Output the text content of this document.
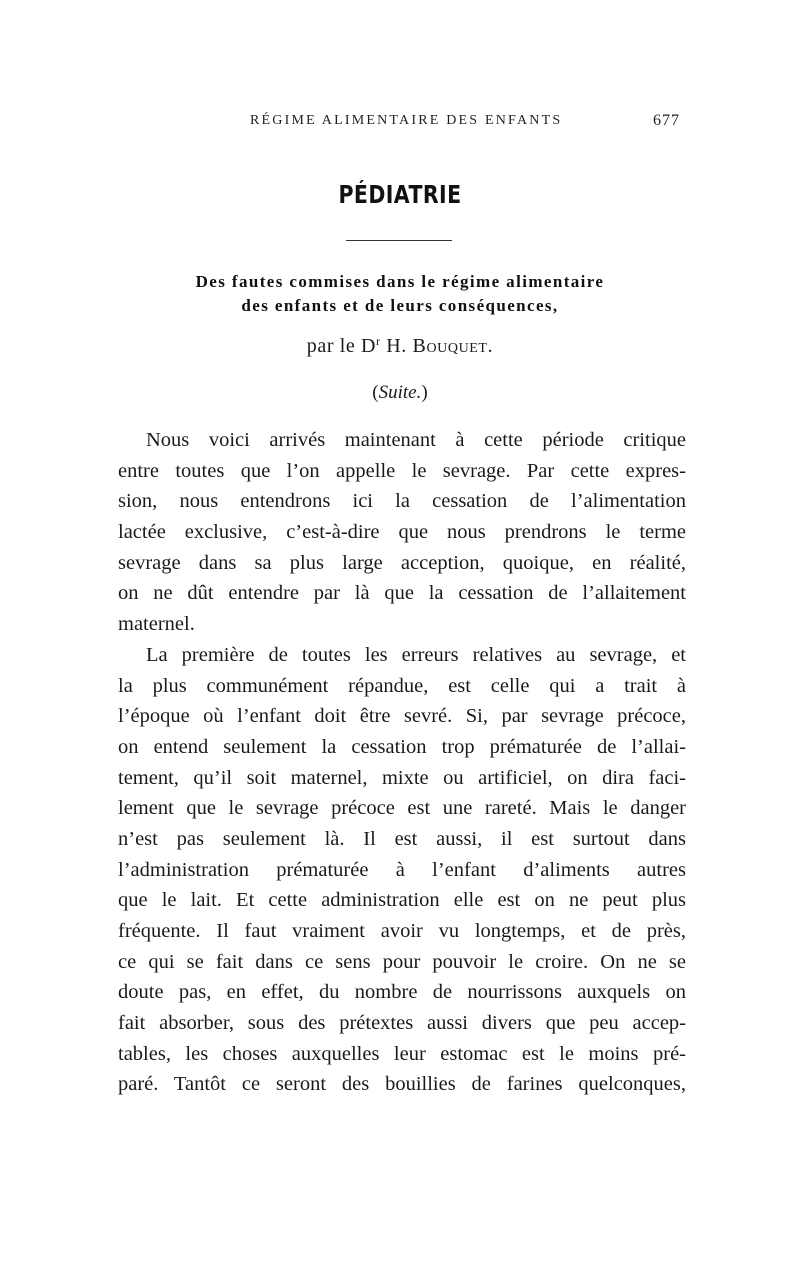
RÉGIME ALIMENTAIRE DES ENFANTS	677
PÉDIATRIE
Des fautes commises dans le régime alimentaire
des enfants et de leurs conséquences,
par le $D^r$ H. Bouquet.
(Suite.)
Nous voici arrivés maintenant à cette période critique
entre toutes que l’on appelle le sevrage. Par cette expres-
sion, nous entendrons ici la cessation de l’alimentation
lactée exclusive, c’est-à-dire que nous prendrons le terme
sevrage dans sa plus large acception, quoique, en réalité,
on ne dût entendre par là que la cessation de l’allaitement
maternel.
La première de toutes les erreurs relatives au sevrage, et
la plus communément répandue, est celle qui a trait à
l’époque où l’enfant doit être sevré. Si, par sevrage précoce,
on entend seulement la cessation trop prématurée de l’allai-
tement, qu’il soit maternel, mixte ou artificiel, on dira faci-
lement que le sevrage précoce est une rareté. Mais le danger
n’est pas seulement là. Il est aussi, il est surtout dans
l’administration prématurée à l’enfant d’aliments autres
que le lait. Et cette administration elle est on ne peut plus
fréquente. Il faut vraiment avoir vu longtemps, et de près,
ce qui se fait dans ce sens pour pouvoir le croire. On ne se
doute pas, en effet, du nombre de nourrissons auxquels on
fait absorber, sous des prétextes aussi divers que peu accep-
tables, les choses auxquelles leur estomac est le moins pré-
paré. Tantôt ce seront des bouillies de farines quelconques,
